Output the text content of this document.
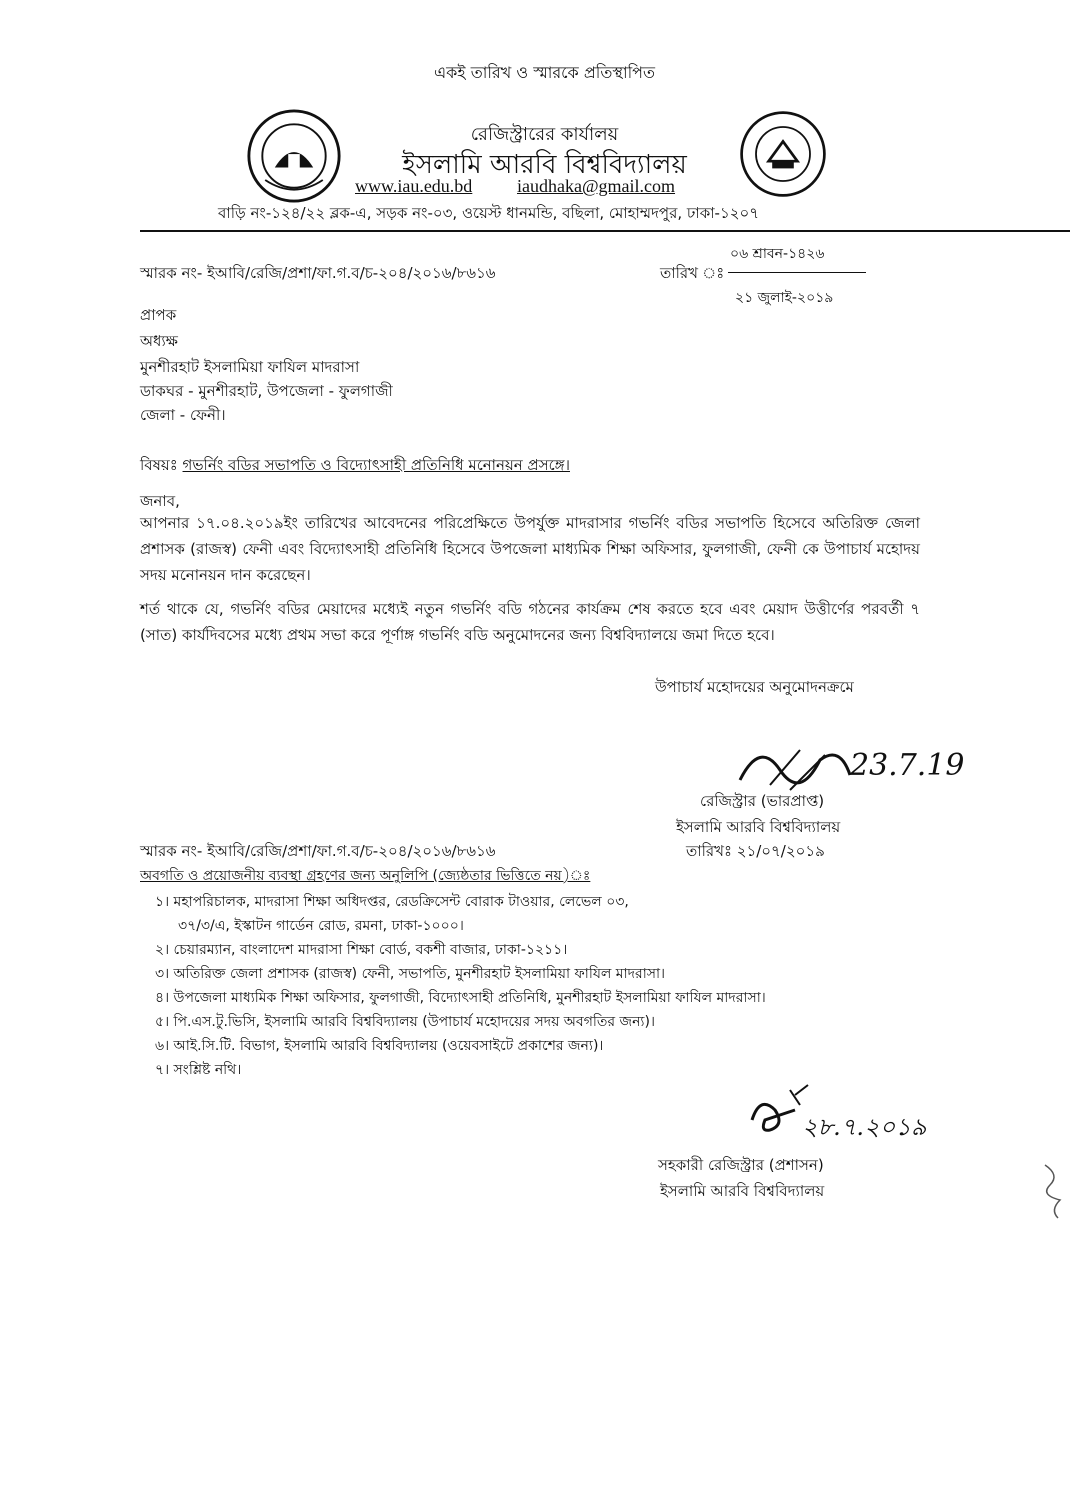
একই তারিখ ও স্মারকে প্রতিস্থাপিত
রেজিস্ট্রারের কার্যালয়
ইসলামি আরবি বিশ্ববিদ্যালয়
www.iau.edu.bd iaudhaka@gmail.com
বাড়ি নং-১২৪/২২ ব্লক-এ, সড়ক নং-০৩, ওয়েস্ট ধানমন্ডি, বছিলা, মোহাম্মদপুর, ঢাকা-১২০৭
০৬ শ্রাবন-১৪২৬
স্মারক নং- ইআবি/রেজি/প্রশা/ফা.গ.ব/চ-২০৪/২০১৬/৮৬১৬	তারিখ ঃ
২১ জুলাই-২০১৯
প্রাপক
অধ্যক্ষ
মুনশীরহাট ইসলামিয়া ফাযিল মাদরাসা
ডাকঘর - মুনশীরহাট, উপজেলা - ফুলগাজী
জেলা - ফেনী।
বিষয়ঃ গভর্নিং বডির সভাপতি ও বিদ্যোৎসাহী প্রতিনিধি মনোনয়ন প্রসঙ্গে।
জনাব,
আপনার ১৭.০৪.২০১৯ইং তারিখের আবেদনের পরিপ্রেক্ষিতে উপর্যুক্ত মাদরাসার গভর্নিং বডির সভাপতি হিসেবে অতিরিক্ত জেলা প্রশাসক (রাজস্ব) ফেনী এবং বিদ্যোৎসাহী প্রতিনিধি হিসেবে উপজেলা মাধ্যমিক শিক্ষা অফিসার, ফুলগাজী, ফেনী কে উপাচার্য মহোদয় সদয় মনোনয়ন দান করেছেন।
শর্ত থাকে যে, গভর্নিং বডির মেয়াদের মধ্যেই নতুন গভর্নিং বডি গঠনের কার্যক্রম শেষ করতে হবে এবং মেয়াদ উত্তীর্ণের পরবর্তী ৭ (সাত) কার্যদিবসের মধ্যে প্রথম সভা করে পূর্ণাঙ্গ গভর্নিং বডি অনুমোদনের জন্য বিশ্ববিদ্যালয়ে জমা দিতে হবে।
উপাচার্য মহোদয়ের অনুমোদনক্রমে
23.7.19
রেজিস্ট্রার (ভারপ্রাপ্ত)
ইসলামি আরবি বিশ্ববিদ্যালয়
স্মারক নং- ইআবি/রেজি/প্রশা/ফা.গ.ব/চ-২০৪/২০১৬/৮৬১৬	তারিখঃ ২১/০৭/২০১৯
অবগতি ও প্রয়োজনীয় ব্যবস্থা গ্রহণের জন্য অনুলিপি (জ্যেষ্ঠতার ভিত্তিতে নয়)ঃ
১। মহাপরিচালক, মাদরাসা শিক্ষা অধিদপ্তর, রেডক্রিসেন্ট বোরাক টাওয়ার, লেভেল ০৩,
৩৭/৩/এ, ইস্কাটন গার্ডেন রোড, রমনা, ঢাকা-১০০০।
২। চেয়ারম্যান, বাংলাদেশ মাদরাসা শিক্ষা বোর্ড, বকশী বাজার, ঢাকা-১২১১।
৩। অতিরিক্ত জেলা প্রশাসক (রাজস্ব) ফেনী, সভাপতি, মুনশীরহাট ইসলামিয়া ফাযিল মাদরাসা।
৪। উপজেলা মাধ্যমিক শিক্ষা অফিসার, ফুলগাজী, বিদ্যোৎসাহী প্রতিনিধি, মুনশীরহাট ইসলামিয়া ফাযিল মাদরাসা।
৫। পি.এস.টু.ভিসি, ইসলামি আরবি বিশ্ববিদ্যালয় (উপাচার্য মহোদয়ের সদয় অবগতির জন্য)।
৬। আই.সি.টি. বিভাগ, ইসলামি আরবি বিশ্ববিদ্যালয় (ওয়েবসাইটে প্রকাশের জন্য)।
৭। সংশ্লিষ্ট নথি।
২৮.৭.২০১৯
সহকারী রেজিস্ট্রার (প্রশাসন)
ইসলামি আরবি বিশ্ববিদ্যালয়
